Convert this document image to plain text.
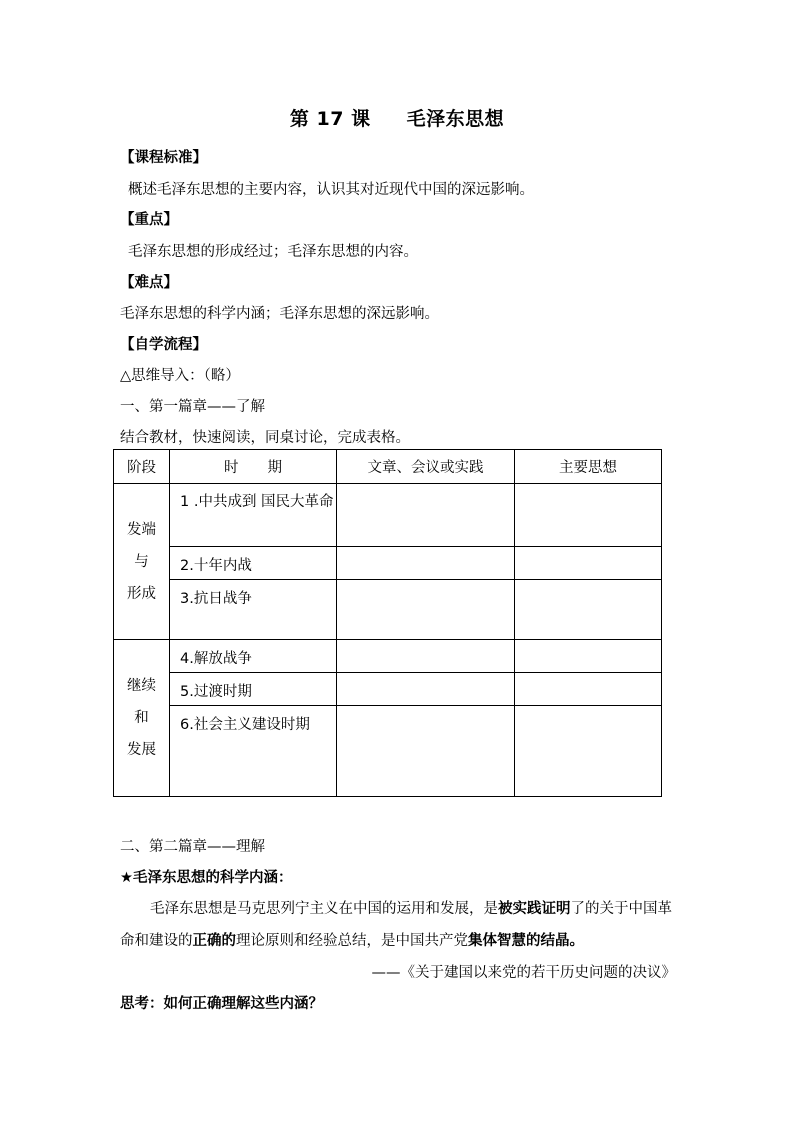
第 17 课 毛泽东思想
【课程标准】
概述毛泽东思想的主要内容，认识其对近现代中国的深远影响。
【重点】
毛泽东思想的形成经过；毛泽东思想的内容。
【难点】
毛泽东思想的科学内涵；毛泽东思想的深远影响。
【自学流程】
△思维导入：（略）
一、第一篇章——了解
结合教材，快速阅读，同桌讨论，完成表格。
阶段	时　　期	文章、会议或实践	主要思想

发端
与
形成	1 .中共成到 国民大革命		
	2.十年内战		
	3.抗日战争		

继续
和
发展	4.解放战争		
	5.过渡时期		
	6.社会主义建设时期		
二、第二篇章——理解
★毛泽东思想的科学内涵：
毛泽东思想是马克思列宁主义在中国的运用和发展，是被实践证明了的关于中国革命和建设的正确的理论原则和经验总结，是中国共产党集体智慧的结晶。
——《关于建国以来党的若干历史问题的决议》
思考：如何正确理解这些内涵？
